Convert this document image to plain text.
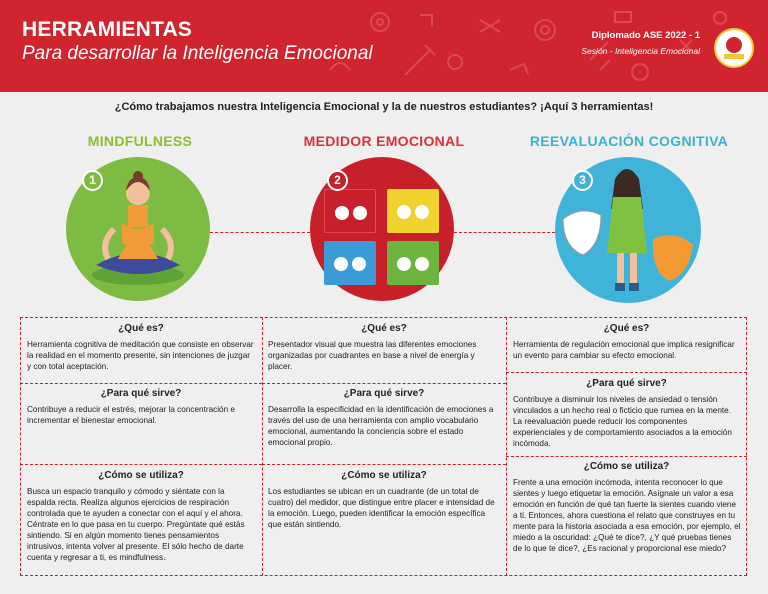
HERRAMIENTAS
Para desarrollar la Inteligencia Emocional
Diplomado ASE 2022 - 1
Sesión - Inteligencia Emocional
¿Cómo trabajamos nuestra Inteligencia Emocional y la de nuestros estudiantes? ¡Aquí 3 herramientas!
MINDFULNESS	MEDIDOR EMOCIONAL	REEVALUACIÓN COGNITIVA
1	2	3
¿Qué es?
Herramienta cognitiva de meditación que consiste en observar la realidad en el momento presente, sin intenciones de juzgar y con total aceptación.
¿Para qué sirve?
Contribuye a reducir el estrés, mejorar la concentración e incrementar el bienestar emocional.
¿Cómo se utiliza?
Busca un espacio tranquilo y cómodo y siéntate con la espalda recta. Realiza algunos ejercicios de respiración controlada que te ayuden a conectar con el aquí y el ahora. Céntrate en lo que pasa en tu cuerpo. Pregúntate qué estás sintiendo. Si en algún momento tienes pensamientos intrusivos, intenta volver al presente. El sólo hecho de darte cuenta y regresar a ti, es mindfulness.
¿Qué es?
Presentador visual que muestra las diferentes emociones organizadas por cuadrantes en base a nivel de energía y placer.
¿Para qué sirve?
Desarrolla la especificidad en la identificación de emociones a través del uso de una herramienta con amplio vocabulario emocional, aumentando la conciencia sobre el estado emocional propio.
¿Cómo se utiliza?
Los estudiantes se ubican en un cuadrante (de un total de cuatro) del medidor, que distingue entre placer e intensidad de la emoción. Luego, pueden identificar la emoción específica que están sintiendo.
¿Qué es?
Herramienta de regulación emocional que implica resignificar un evento para cambiar su efecto emocional.
¿Para qué sirve?
Contribuye a disminuir los niveles de ansiedad o tensión vinculados a un hecho real o ficticio que rumea en la mente. La reevaluación puede reducir los componentes experienciales y de comportamiento asociados a la emoción incómoda.
¿Cómo se utiliza?
Frente a una emoción incómoda, intenta reconocer lo que sientes y luego etiquetar la emoción. Asígnale un valor a esa emoción en función de qué tan fuerte la sientes cuando viene a ti. Entonces, ahora cuestiona el relato que construyes en tu mente para la historia asociada a esa emoción, por ejemplo, el miedo a la oscuridad: ¿Qué te dice?, ¿Y qué pruebas tienes de lo que te dice?, ¿Es racional y proporcional ese miedo?
